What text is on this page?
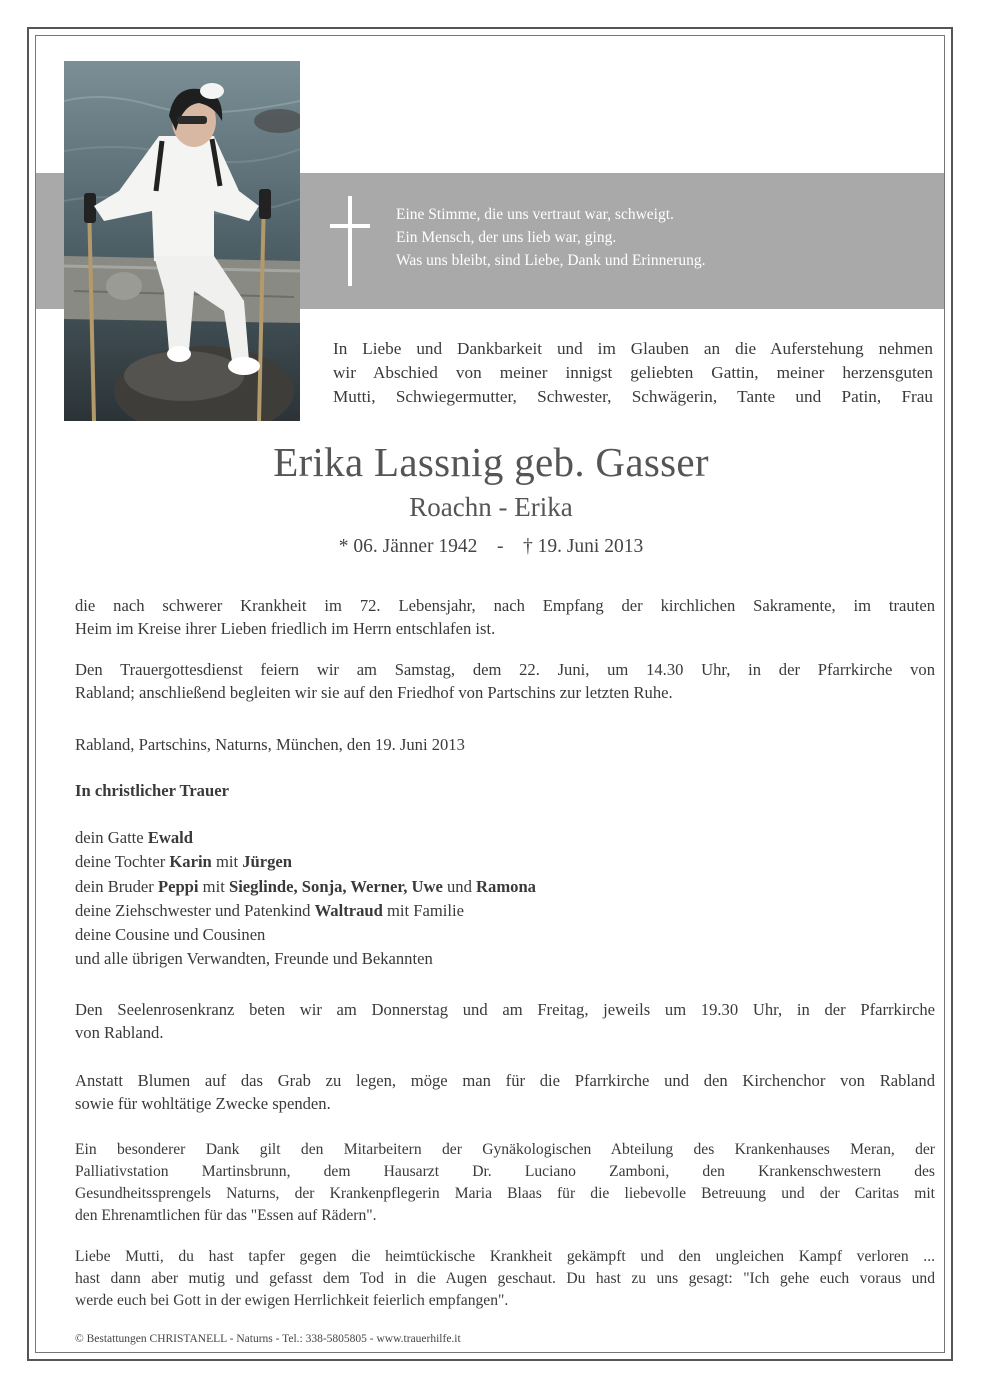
Eine Stimme, die uns vertraut war, schweigt.
Ein Mensch, der uns lieb war, ging.
Was uns bleibt, sind Liebe, Dank und Erinnerung.
In Liebe und Dankbarkeit und im Glauben an die Auferstehung nehmen
wir Abschied von meiner innigst geliebten Gattin, meiner herzensguten
Mutti, Schwiegermutter, Schwester, Schwägerin, Tante und Patin, Frau
Erika Lassnig geb. Gasser
Roachn - Erika
* 06. Jänner 1942 - † 19. Juni 2013
die nach schwerer Krankheit im 72. Lebensjahr, nach Empfang der kirchlichen Sakramente, im trauten
Heim im Kreise ihrer Lieben friedlich im Herrn entschlafen ist.
Den Trauergottesdienst feiern wir am Samstag, dem 22. Juni, um 14.30 Uhr, in der Pfarrkirche von
Rabland; anschließend begleiten wir sie auf den Friedhof von Partschins zur letzten Ruhe.
Rabland, Partschins, Naturns, München, den 19. Juni 2013
In christlicher Trauer
dein Gatte Ewald
deine Tochter Karin mit Jürgen
dein Bruder Peppi mit Sieglinde, Sonja, Werner, Uwe und Ramona
deine Ziehschwester und Patenkind Waltraud mit Familie
deine Cousine und Cousinen
und alle übrigen Verwandten, Freunde und Bekannten
Den Seelenrosenkranz beten wir am Donnerstag und am Freitag, jeweils um 19.30 Uhr, in der Pfarrkirche
von Rabland.
Anstatt Blumen auf das Grab zu legen, möge man für die Pfarrkirche und den Kirchenchor von Rabland
sowie für wohltätige Zwecke spenden.
Ein besonderer Dank gilt den Mitarbeitern der Gynäkologischen Abteilung des Krankenhauses Meran, der
Palliativstation Martinsbrunn, dem Hausarzt Dr. Luciano Zamboni, den Krankenschwestern des
Gesundheitssprengels Naturns, der Krankenpflegerin Maria Blaas für die liebevolle Betreuung und der Caritas mit
den Ehrenamtlichen für das "Essen auf Rädern".
Liebe Mutti, du hast tapfer gegen die heimtückische Krankheit gekämpft und den ungleichen Kampf verloren ...
hast dann aber mutig und gefasst dem Tod in die Augen geschaut. Du hast zu uns gesagt: "Ich gehe euch voraus und
werde euch bei Gott in der ewigen Herrlichkeit feierlich empfangen".
© Bestattungen CHRISTANELL - Naturns - Tel.: 338-5805805 - www.trauerhilfe.it
